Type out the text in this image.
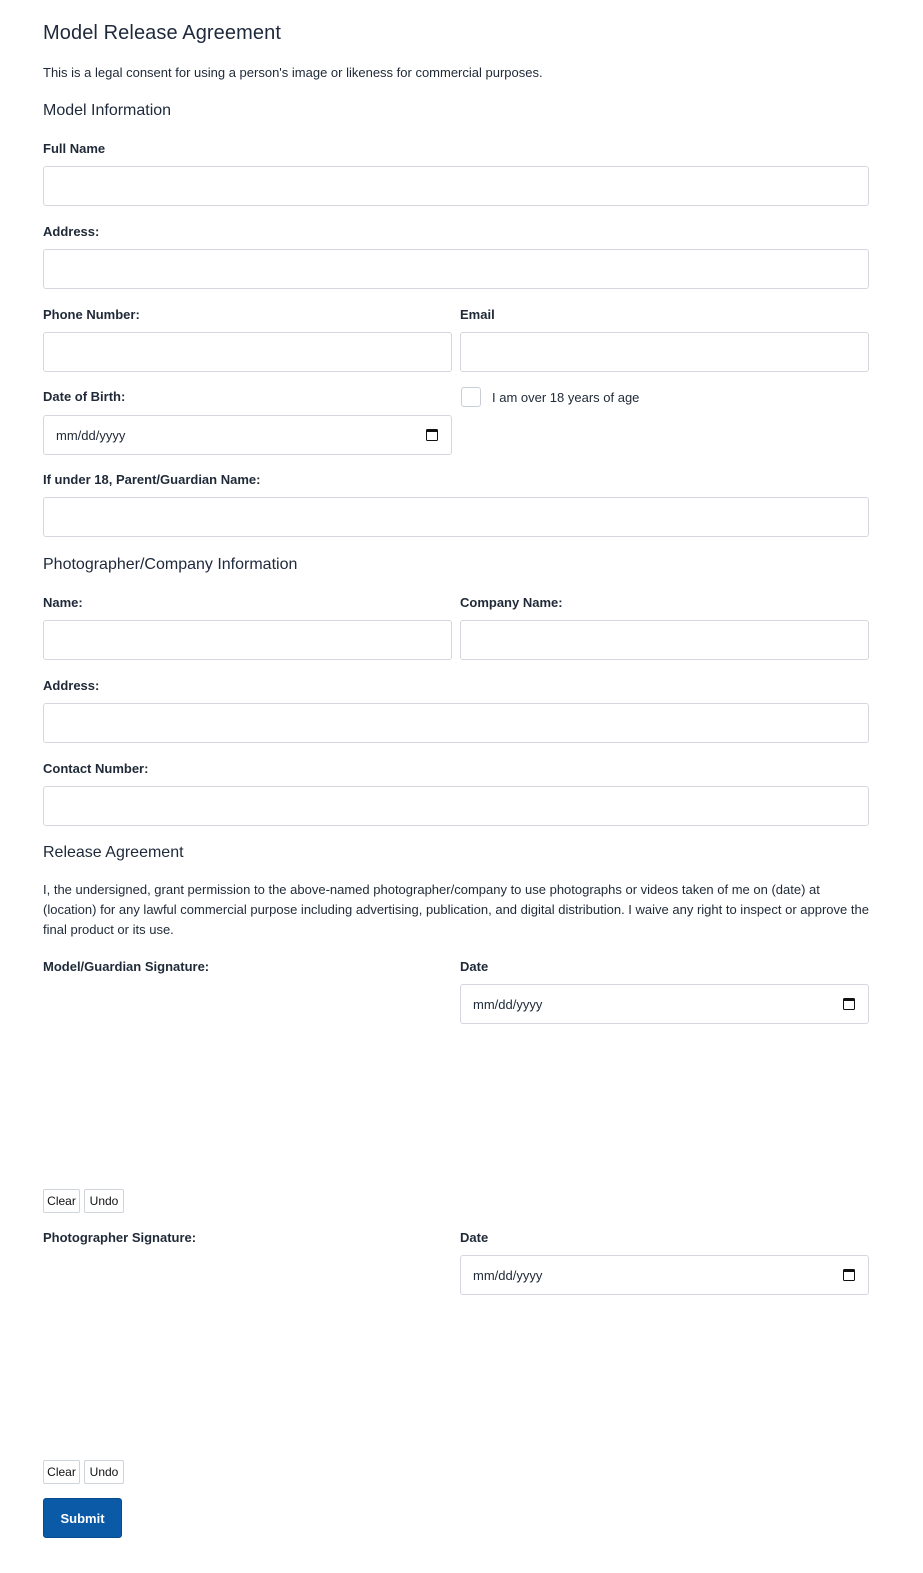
Model Release Agreement
This is a legal consent for using a person's image or likeness for commercial purposes.
Model Information
Full Name
Address:
Phone Number:	Email
Date of Birth:
mm/dd/yyyy
I am over 18 years of age
If under 18, Parent/Guardian Name:
Photographer/Company Information
Name:	Company Name:
Address:
Contact Number:
Release Agreement
I, the undersigned, grant permission to the above-named photographer/company to use photographs or videos taken of me on (date) at (location) for any lawful commercial purpose including advertising, publication, and digital distribution. I waive any right to inspect or approve the final product or its use.
Model/Guardian Signature:	Date
mm/dd/yyyy
Clear	Undo
Photographer Signature:	Date
mm/dd/yyyy
Clear	Undo
Submit
